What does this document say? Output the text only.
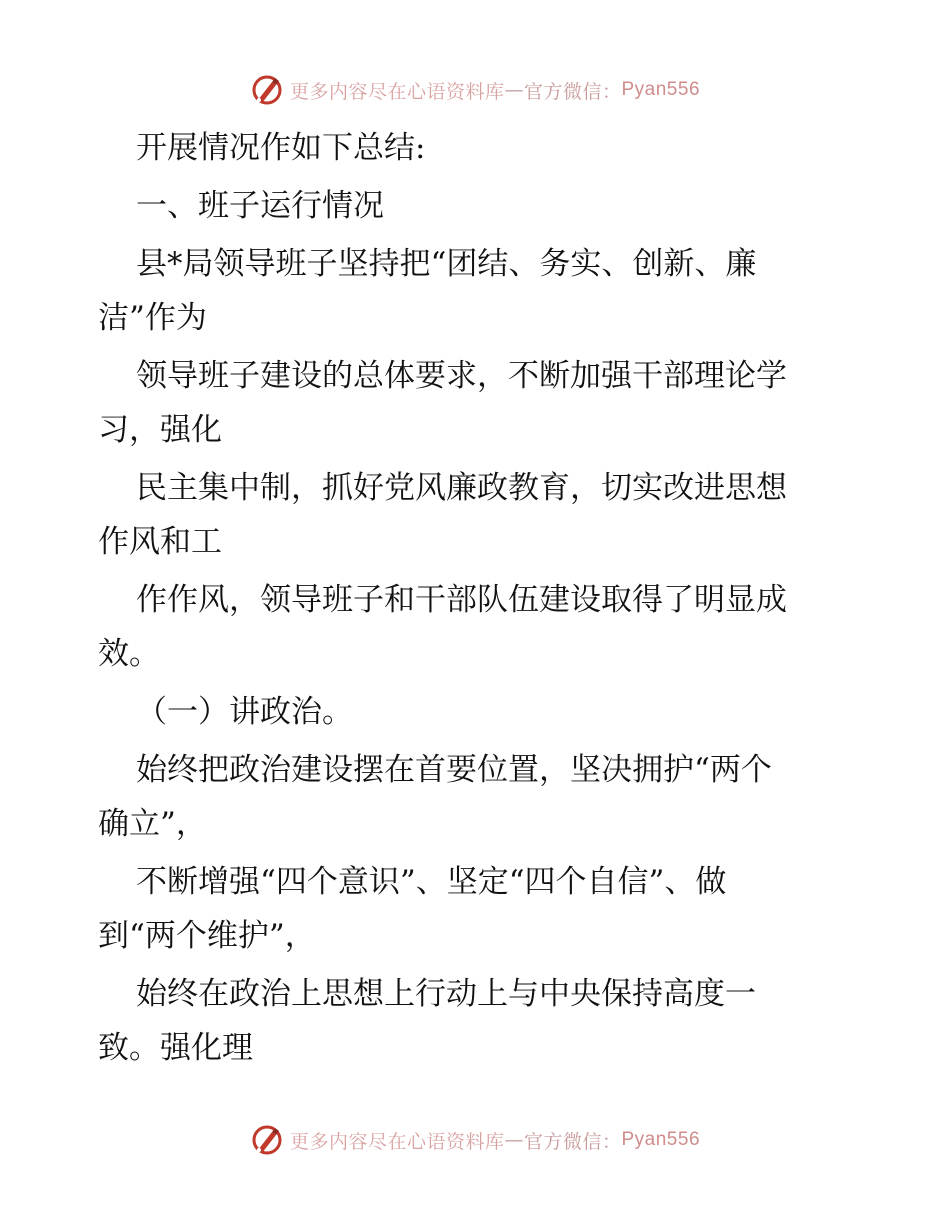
更多内容尽在心语资料库 — 官方微信： Pyan556
开展情况作如下总结:
一、班子运行情况
县*局领导班子坚持把“团结、务实、创新、廉
洁”作为
领导班子建设的总体要求，不断加强干部理论学
习，强化
民主集中制，抓好党风廉政教育，切实改进思想
作风和工
作作风，领导班子和干部队伍建设取得了明显成
效。
（一）讲政治。
始终把政治建设摆在首要位置，坚决拥护“两个
确立”，
不断增强“四个意识”、坚定“四个自信”、做
到“两个维护”，
始终在政治上思想上行动上与中央保持高度一
致。强化理
更多内容尽在心语资料库 — 官方微信： Pyan556
